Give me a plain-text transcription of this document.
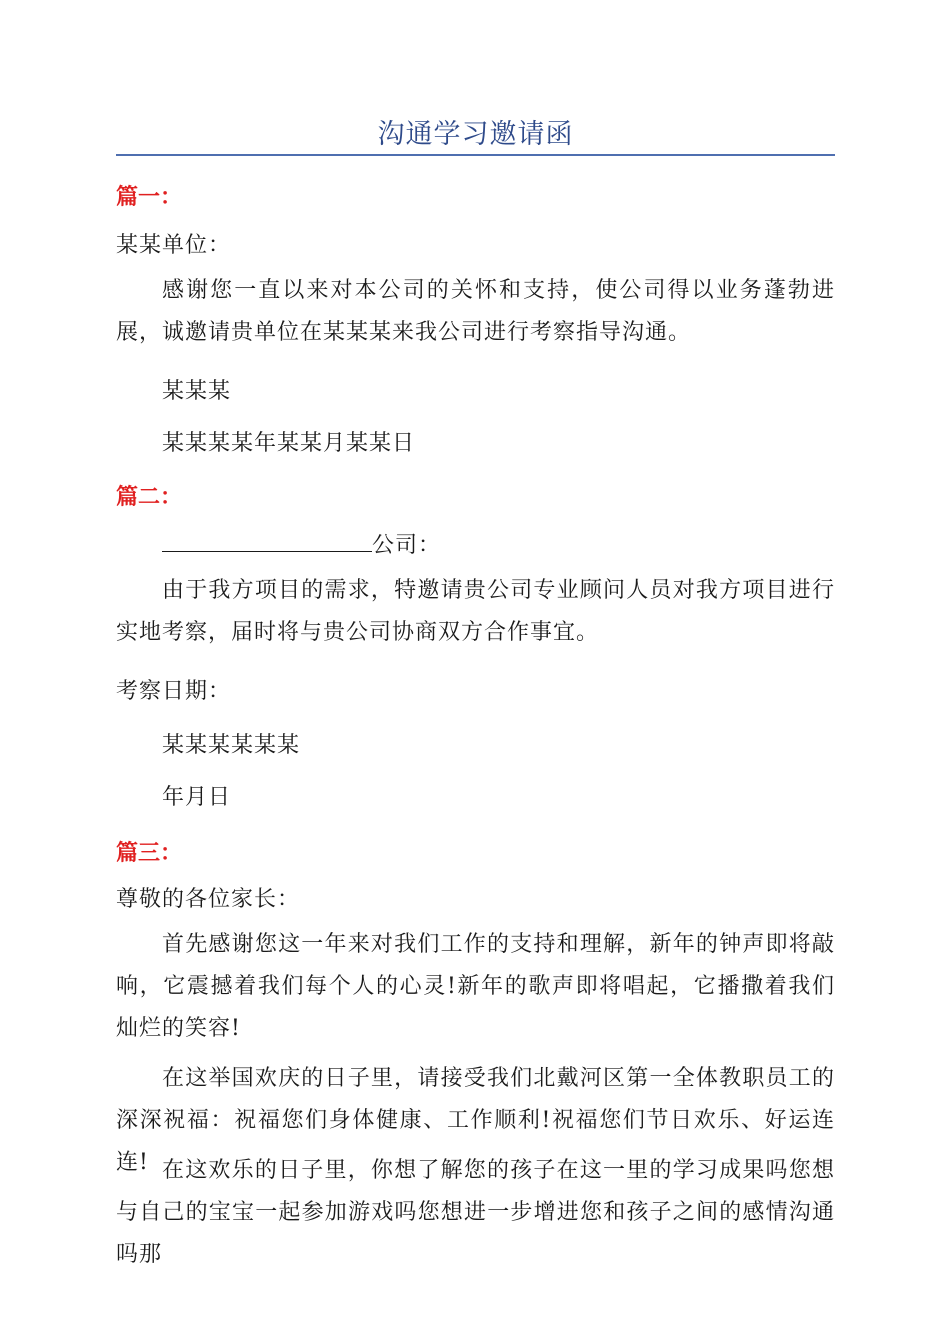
沟通学习邀请函
篇一：
某某单位：
感谢您一直以来对本公司的关怀和支持，使公司得以业务蓬勃进展，诚邀请贵单位在某某某来我公司进行考察指导沟通。
某某某
某某某某年某某月某某日
篇二：
公司：
由于我方项目的需求，特邀请贵公司专业顾问人员对我方项目进行实地考察，届时将与贵公司协商双方合作事宜。
考察日期：
某某某某某某
年月日
篇三：
尊敬的各位家长：
首先感谢您这一年来对我们工作的支持和理解，新年的钟声即将敲响，它震撼着我们每个人的心灵!新年的歌声即将唱起，它播撒着我们灿烂的笑容!
在这举国欢庆的日子里，请接受我们北戴河区第一全体教职员工的深深祝福：祝福您们身体健康、工作顺利!祝福您们节日欢乐、好运连连! 在这欢乐的日子里，你想了解您的孩子在这一里的学习成果吗您想与自己的宝宝一起参加游戏吗您想进一步增进您和孩子之间的感情沟通吗那
